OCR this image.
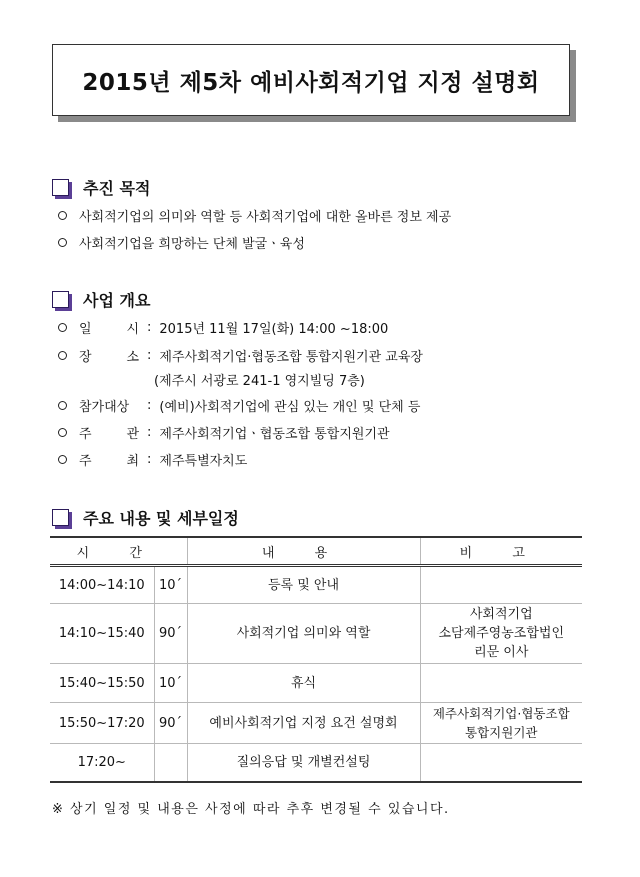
2015년 제5차 예비사회적기업 지정 설명회
추진 목적
사회적기업의 의미와 역할 등 사회적기업에 대한 올바른 정보 제공
사회적기업을 희망하는 단체 발굴ㆍ육성
사업 개요
일	시 : 2015년 11월 17일(화) 14:00 ~18:00
장	소 : 제주사회적기업·협동조합 통합지원기관 교육장
(제주시 서광로 241-1 영지빌딩 7층)
참가대상 : (예비)사회적기업에 관심 있는 개인 및 단체 등
주	관 : 제주사회적기업ㆍ협동조합 통합지원기관
주	최 : 제주특별자치도
주요 내용 및 세부일정
시 간		내 용	비 고
14:00~14:10	10´	등록 및 안내	
14:10~15:40	90´	사회적기업 의미와 역할	사회적기업
소담제주영농조합법인
리문 이사

15:40~15:50	10´	휴식	
15:50~17:20	90´	예비사회적기업 지정 요건 설명회	제주사회적기업·협동조합
통합지원기관

17:20~		질의응답 및 개별컨설팅	
※ 상기 일정 및 내용은 사정에 따라 추후 변경될 수 있습니다.
